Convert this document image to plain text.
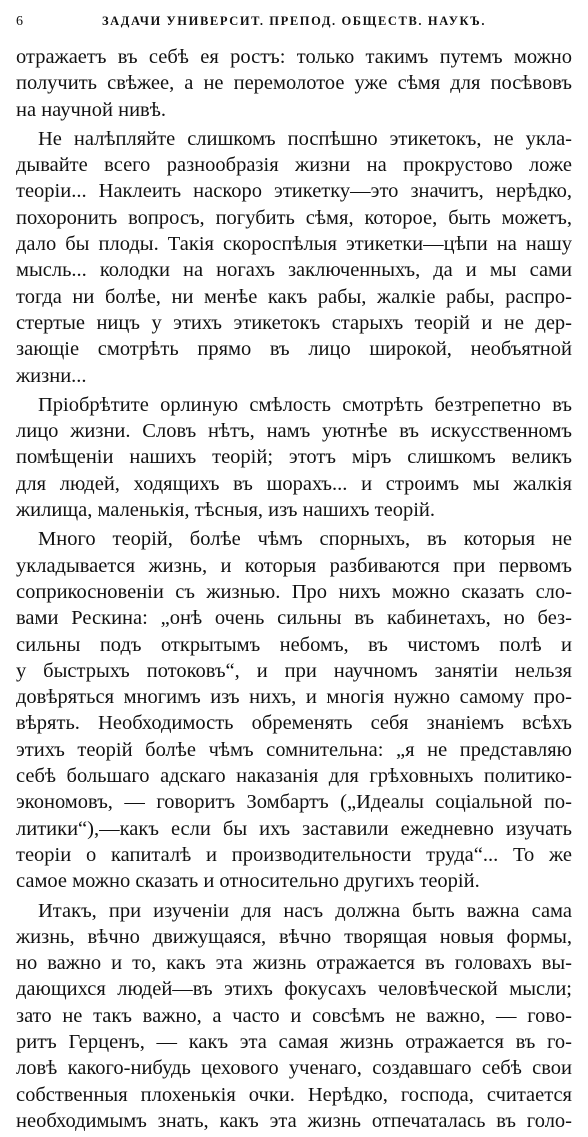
6	ЗАДАЧИ УНИВЕРСИТ. ПРЕПОД. ОБЩЕСТВ. НАУКЪ.
отражаетъ въ себѣ ея ростъ: только такимъ путемъ можно
получить свѣжее, а не перемолотое уже сѣмя для посѣвовъ
на научной нивѣ.
Не налѣпляйте слишкомъ поспѣшно этикетокъ, не укла-
дывайте всего разнообразія жизни на прокрустово ложе
теоріи... Наклеить наскоро этикетку—это значитъ, нерѣдко,
похоронить вопросъ, погубить сѣмя, которое, быть можетъ,
дало бы плоды. Такія скороспѣлыя этикетки—цѣпи на нашу
мысль... колодки на ногахъ заключенныхъ, да и мы сами
тогда ни болѣе, ни менѣе какъ рабы, жалкіе рабы, распро-
стертые ницъ у этихъ этикетокъ старыхъ теорій и не дер-
зающіе смотрѣть прямо въ лицо широкой, необъятной
жизни...
Пріобрѣтите орлиную смѣлость смотрѣть безтрепетно въ
лицо жизни. Словъ нѣтъ, намъ уютнѣе въ искусственномъ
помѣщеніи нашихъ теорій; этотъ міръ слишкомъ великъ
для людей, ходящихъ въ шорахъ... и строимъ мы жалкія
жилища, маленькія, тѣсныя, изъ нашихъ теорій.
Много теорій, болѣе чѣмъ спорныхъ, въ которыя не
укладывается жизнь, и которыя разбиваются при первомъ
соприкосновеніи съ жизнью. Про нихъ можно сказать сло-
вами Рескина: „онѣ очень сильны въ кабинетахъ, но без-
сильны подъ открытымъ небомъ, въ чистомъ полѣ и
у быстрыхъ потоковъ“, и при научномъ занятіи нельзя
довѣряться многимъ изъ нихъ, и многія нужно самому про-
вѣрять. Необходимость обременять себя знаніемъ всѣхъ
этихъ теорій болѣе чѣмъ сомнительна: „я не представляю
себѣ большаго адскаго наказанія для грѣховныхъ политико-
экономовъ, — говоритъ Зомбартъ („Идеалы соціальной по-
литики“),—какъ если бы ихъ заставили ежедневно изучать
теоріи о капиталѣ и производительности труда“... То же
самое можно сказать и относительно другихъ теорій.
Итакъ, при изученіи для насъ должна быть важна сама
жизнь, вѣчно движущаяся, вѣчно творящая новыя формы,
но важно и то, какъ эта жизнь отражается въ головахъ вы-
дающихся людей—въ этихъ фокусахъ человѣческой мысли;
зато не такъ важно, а часто и совсѣмъ не важно, — гово-
ритъ Герценъ, — какъ эта самая жизнь отражается въ го-
ловѣ какого-нибудь цехового ученаго, создавшаго себѣ свои
собственныя плохенькія очки. Нерѣдко, господа, считается
необходимымъ знать, какъ эта жизнь отпечаталась въ голо-
